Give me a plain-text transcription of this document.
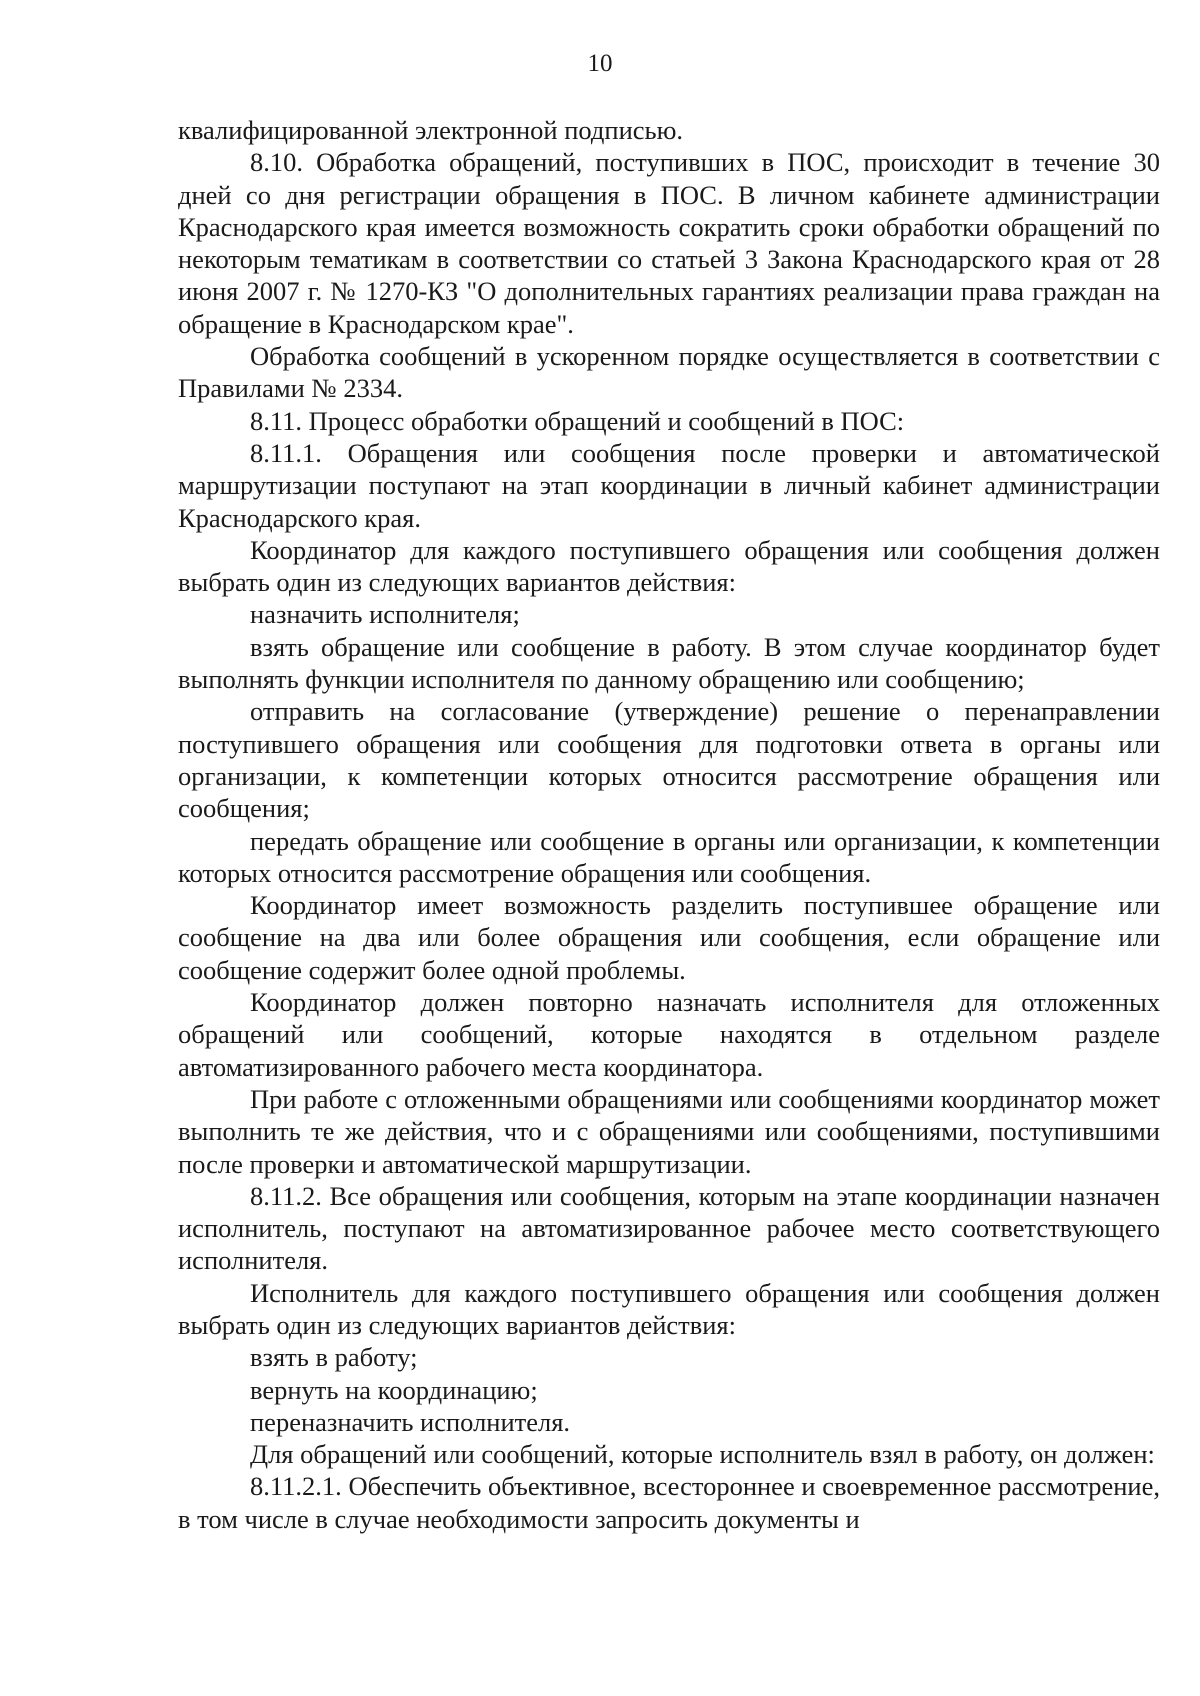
10

квалифицированной электронной подписью.

8.10. Обработка обращений, поступивших в ПОС, происходит в течение 30 дней со дня регистрации обращения в ПОС. В личном кабинете администрации Краснодарского края имеется возможность сократить сроки обработки обращений по некоторым тематикам в соответствии со статьей 3 Закона Краснодарского края от 28 июня 2007 г. № 1270-КЗ "О дополнительных гарантиях реализации права граждан на обращение в Краснодарском крае".

Обработка сообщений в ускоренном порядке осуществляется в соответствии с Правилами № 2334.

8.11. Процесс обработки обращений и сообщений в ПОС:

8.11.1. Обращения или сообщения после проверки и автоматической маршрутизации поступают на этап координации в личный кабинет администрации Краснодарского края.

Координатор для каждого поступившего обращения или сообщения должен выбрать один из следующих вариантов действия:

назначить исполнителя;

взять обращение или сообщение в работу. В этом случае координатор будет выполнять функции исполнителя по данному обращению или сообщению;

отправить на согласование (утверждение) решение о перенаправлении поступившего обращения или сообщения для подготовки ответа в органы или организации, к компетенции которых относится рассмотрение обращения или сообщения;

передать обращение или сообщение в органы или организации, к компетенции которых относится рассмотрение обращения или сообщения.

Координатор имеет возможность разделить поступившее обращение или сообщение на два или более обращения или сообщения, если обращение или сообщение содержит более одной проблемы.

Координатор должен повторно назначать исполнителя для отложенных обращений или сообщений, которые находятся в отдельном разделе автоматизированного рабочего места координатора.

При работе с отложенными обращениями или сообщениями координатор может выполнить те же действия, что и с обращениями или сообщениями, поступившими после проверки и автоматической маршрутизации.

8.11.2. Все обращения или сообщения, которым на этапе координации назначен исполнитель, поступают на автоматизированное рабочее место соответствующего исполнителя.

Исполнитель для каждого поступившего обращения или сообщения должен выбрать один из следующих вариантов действия:

взять в работу;

вернуть на координацию;

переназначить исполнителя.

Для обращений или сообщений, которые исполнитель взял в работу, он должен:

8.11.2.1. Обеспечить объективное, всестороннее и своевременное рассмотрение, в том числе в случае необходимости запросить документы и
